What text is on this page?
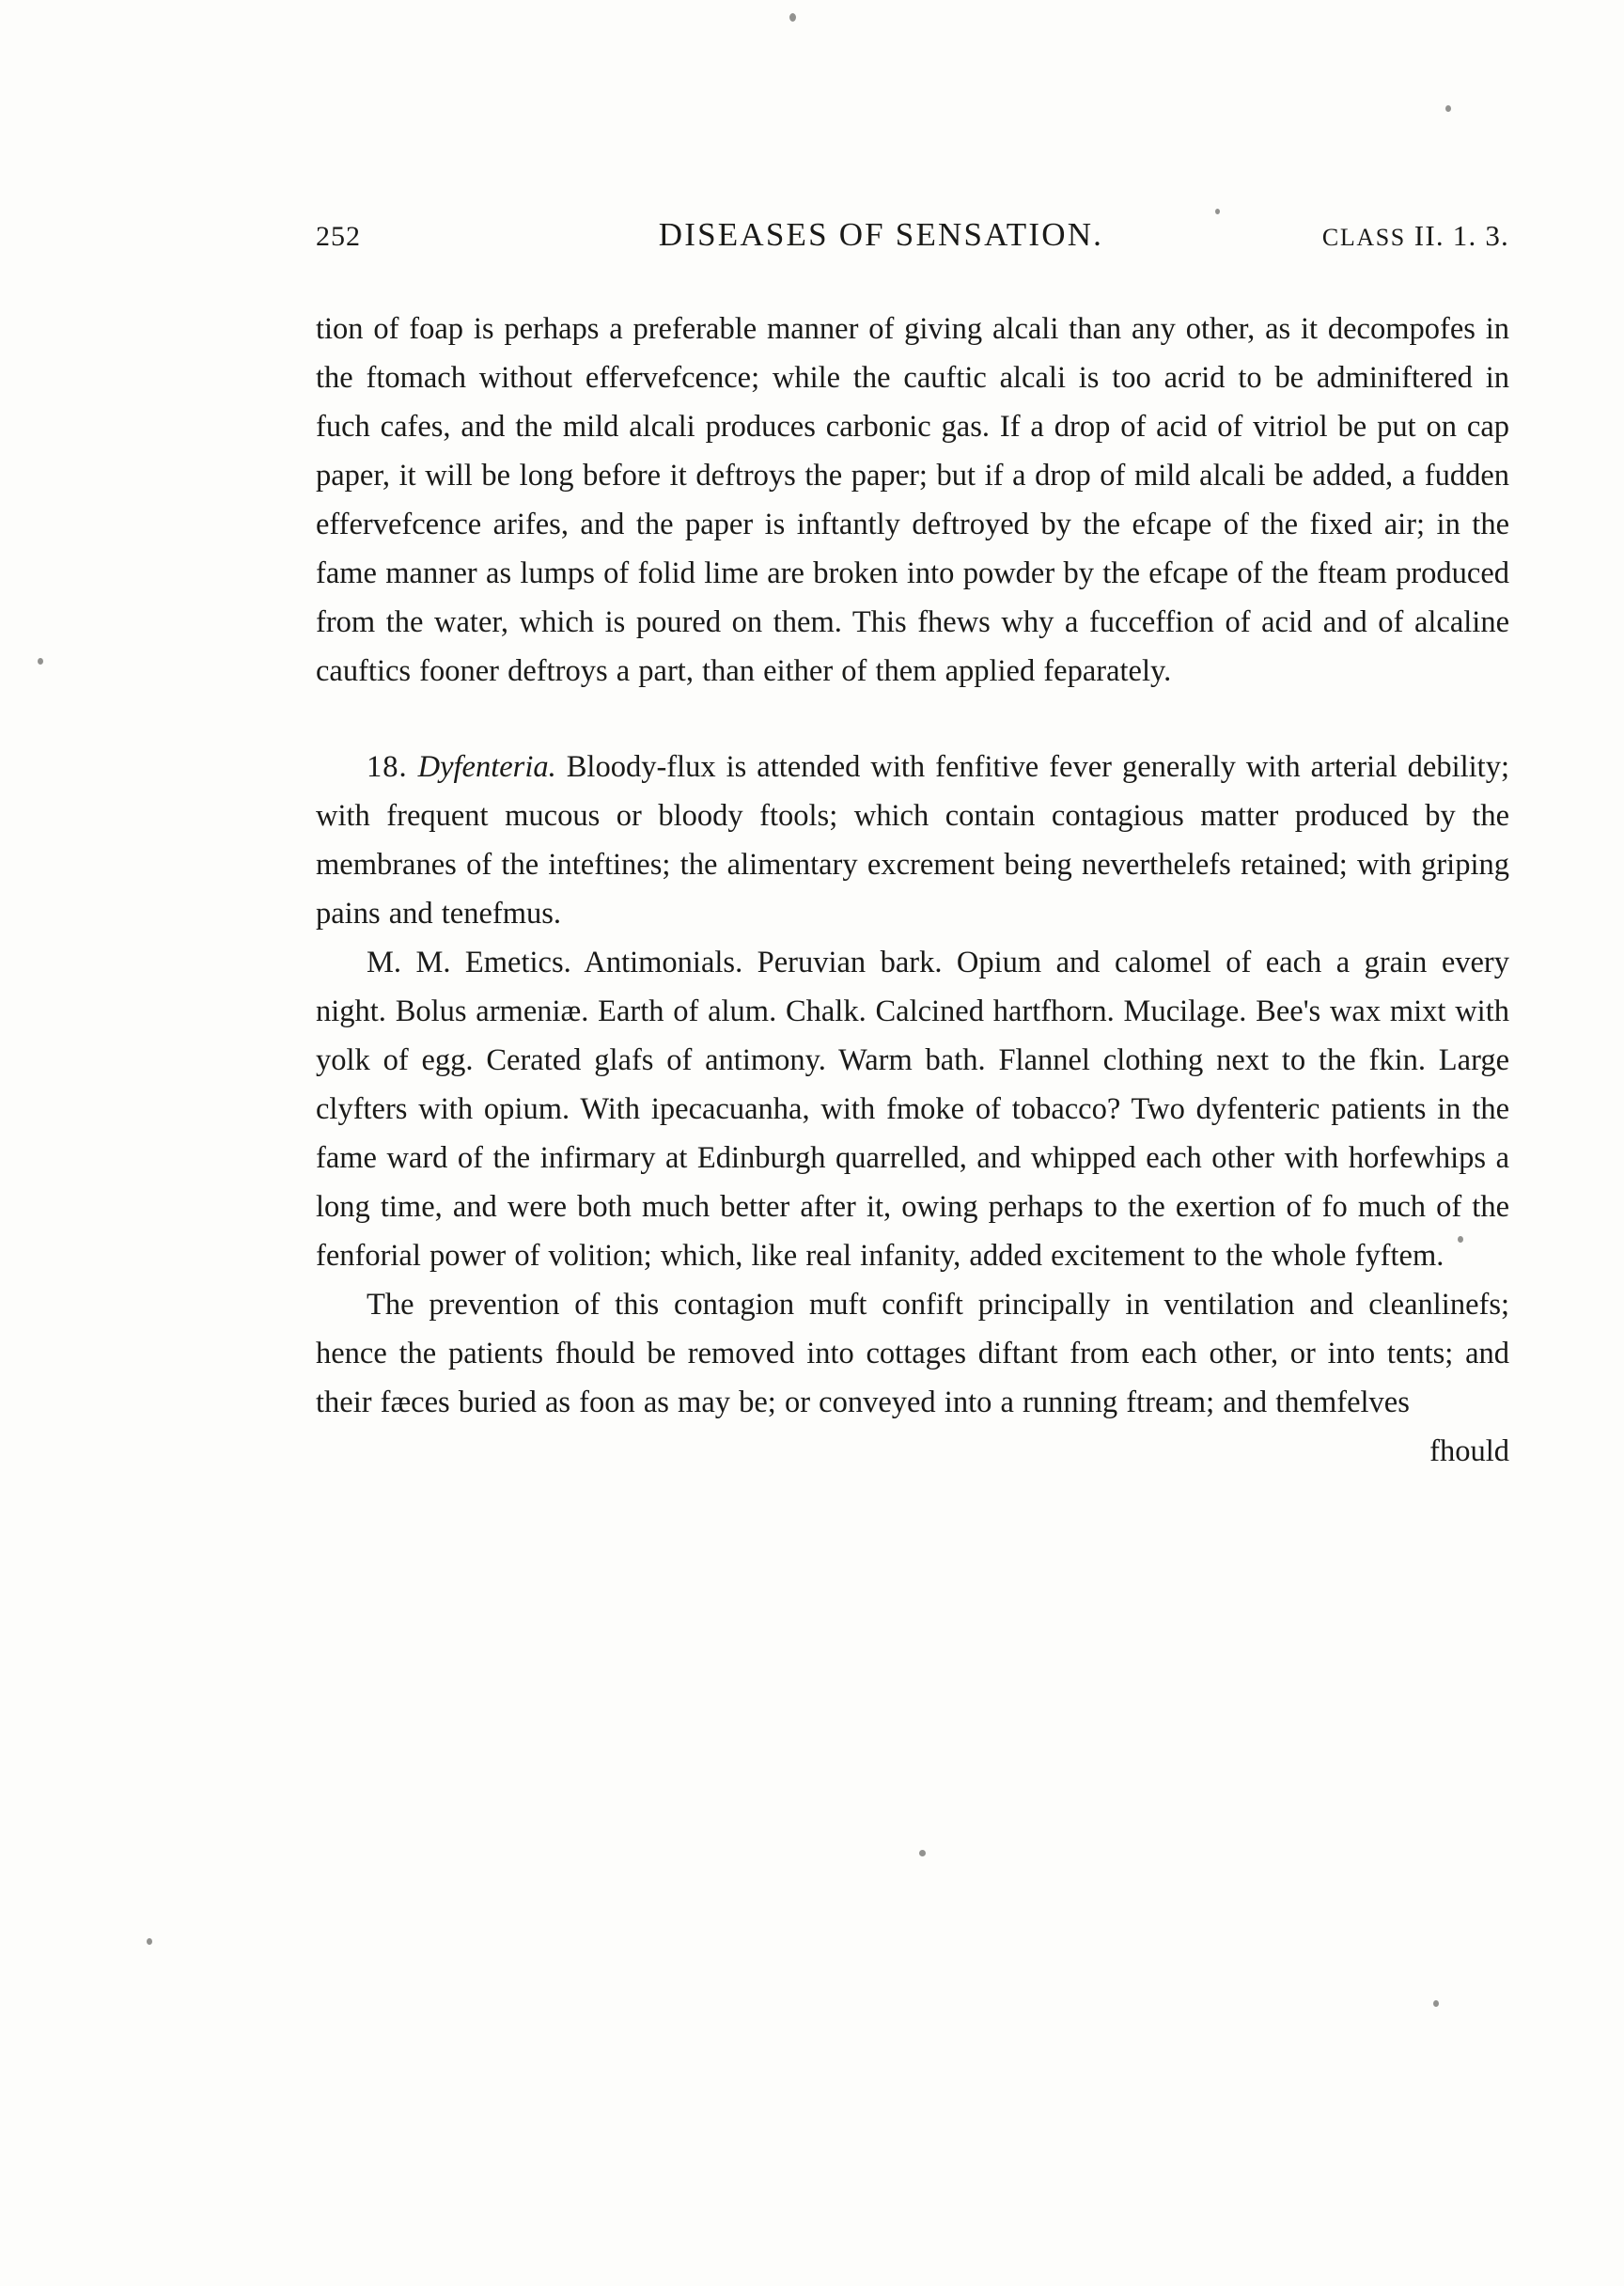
252	DISEASES OF SENSATION.	CLASS II. 1. 3.

tion of foap is perhaps a preferable manner of giving alcali than any other, as it decompofes in the ftomach without effervefcence; while the cauftic alcali is too acrid to be adminiftered in fuch cafes, and the mild alcali produces carbonic gas. If a drop of acid of vitriol be put on cap paper, it will be long before it deftroys the paper; but if a drop of mild alcali be added, a fudden effervefcence arifes, and the paper is inftantly deftroyed by the efcape of the fixed air; in the fame manner as lumps of folid lime are broken into powder by the efcape of the fteam produced from the water, which is poured on them. This fhews why a fucceffion of acid and of alcaline cauftics fooner deftroys a part, than either of them applied feparately.

18. Dyfenteria. Bloody-flux is attended with fenfitive fever generally with arterial debility; with frequent mucous or bloody ftools; which contain contagious matter produced by the membranes of the inteftines; the alimentary excrement being neverthelefs retained; with griping pains and tenefmus.

M. M. Emetics. Antimonials. Peruvian bark. Opium and calomel of each a grain every night. Bolus armeniæ. Earth of alum. Chalk. Calcined hartfhorn. Mucilage. Bee's wax mixt with yolk of egg. Cerated glafs of antimony. Warm bath. Flannel clothing next to the fkin. Large clyfters with opium. With ipecacuanha, with fmoke of tobacco? Two dyfenteric patients in the fame ward of the infirmary at Edinburgh quarrelled, and whipped each other with horfewhips a long time, and were both much better after it, owing perhaps to the exertion of fo much of the fenforial power of volition; which, like real infanity, added excitement to the whole fyftem.

The prevention of this contagion muft confift principally in ventilation and cleanlinefs; hence the patients fhould be removed into cottages diftant from each other, or into tents; and their fæces buried as foon as may be; or conveyed into a running ftream; and themfelves

fhould
